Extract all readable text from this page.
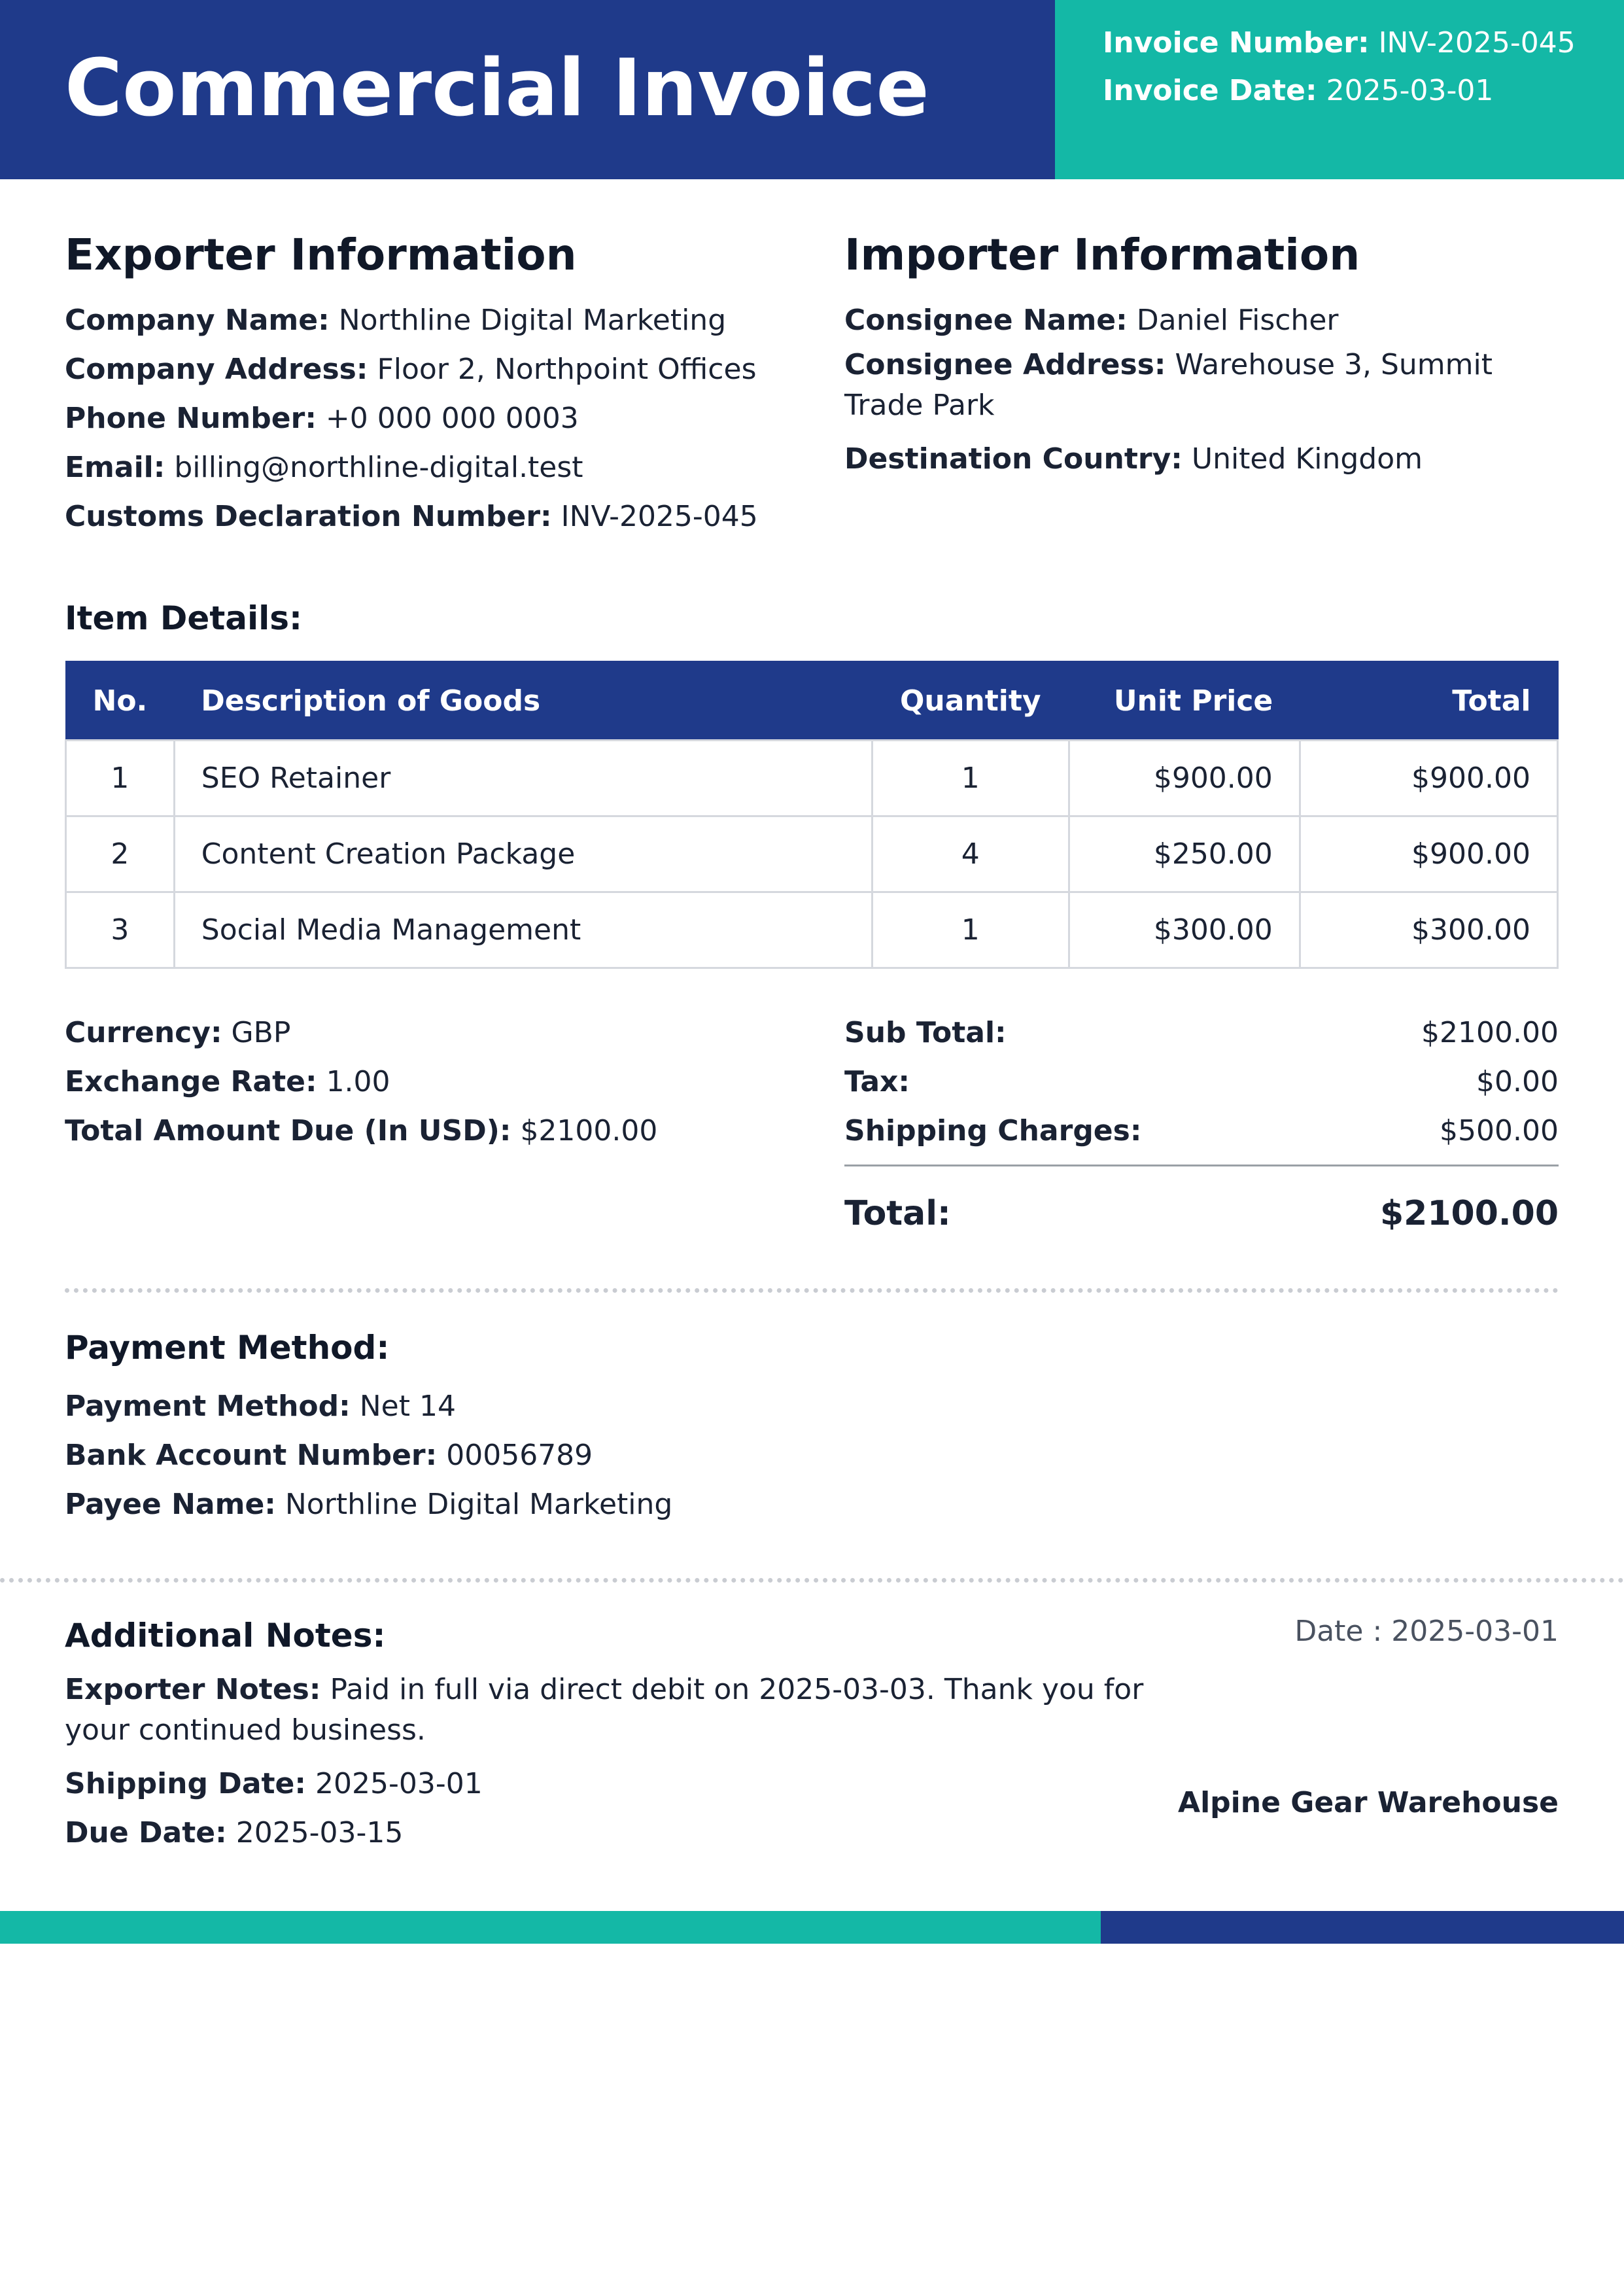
Commercial Invoice
Invoice Number: INV-2025-045
Invoice Date: 2025-03-01
Exporter Information
Company Name: Northline Digital Marketing
Company Address: Floor 2, Northpoint Offices
Phone Number: +0 000 000 0003
Email: billing@northline-digital.test
Customs Declaration Number: INV-2025-045
Importer Information
Consignee Name: Daniel Fischer
Consignee Address: Warehouse 3, Summit Trade Park
Destination Country: United Kingdom
Item Details:
No.	Description of Goods	Quantity	Unit Price	Total
1	SEO Retainer	1	$900.00	$900.00
2	Content Creation Package	4	$250.00	$900.00
3	Social Media Management	1	$300.00	$300.00
Currency: GBP
Exchange Rate: 1.00
Total Amount Due (In USD): $2100.00
Sub Total:	$2100.00
Tax:	$0.00
Shipping Charges:	$500.00
Total:	$2100.00
Payment Method:
Payment Method: Net 14
Bank Account Number: 00056789
Payee Name: Northline Digital Marketing
Additional Notes:
Exporter Notes: Paid in full via direct debit on 2025-03-03. Thank you for your continued business.
Shipping Date: 2025-03-01
Due Date: 2025-03-15
Date : 2025-03-01
Alpine Gear Warehouse
